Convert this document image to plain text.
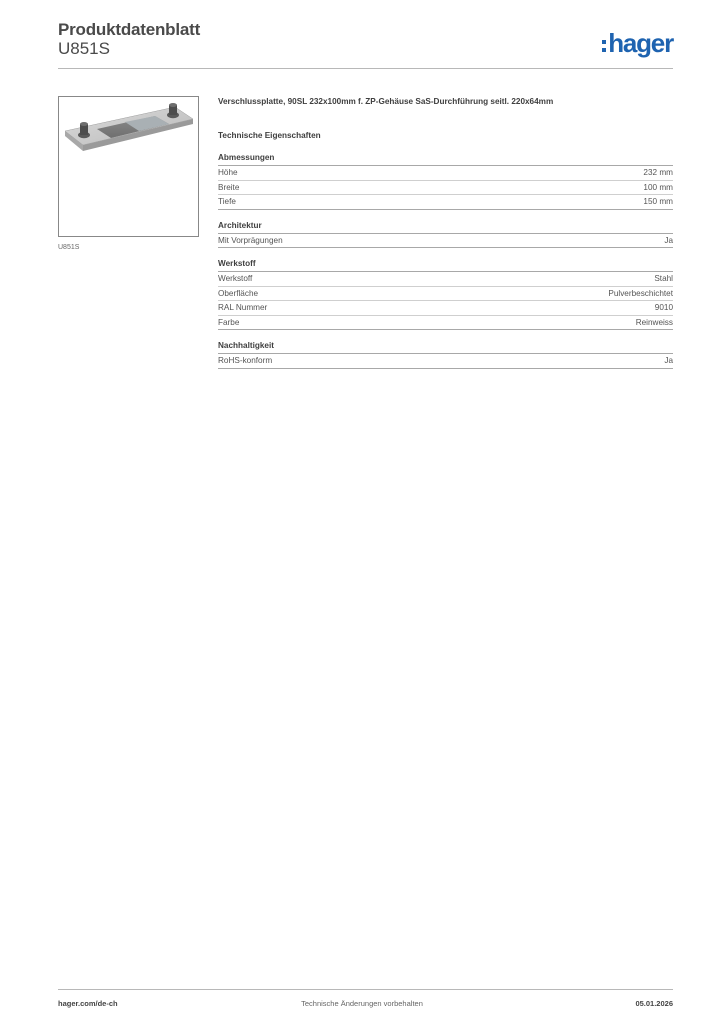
Produktdatenblatt
U851S	hager
U851S
Verschlussplatte, 90SL 232x100mm f. ZP-Gehäuse SaS-Durchführung seitl. 220x64mm
Technische Eigenschaften
Abmessungen
Höhe	232 mm
Breite	100 mm
Tiefe	150 mm
Architektur
Mit Vorprägungen	Ja
Werkstoff
Werkstoff	Stahl
Oberfläche	Pulverbeschichtet
RAL Nummer	9010
Farbe	Reinweiss
Nachhaltigkeit
RoHS-konform	Ja
hager.com/de-ch	Technische Änderungen vorbehalten	05.01.2026
